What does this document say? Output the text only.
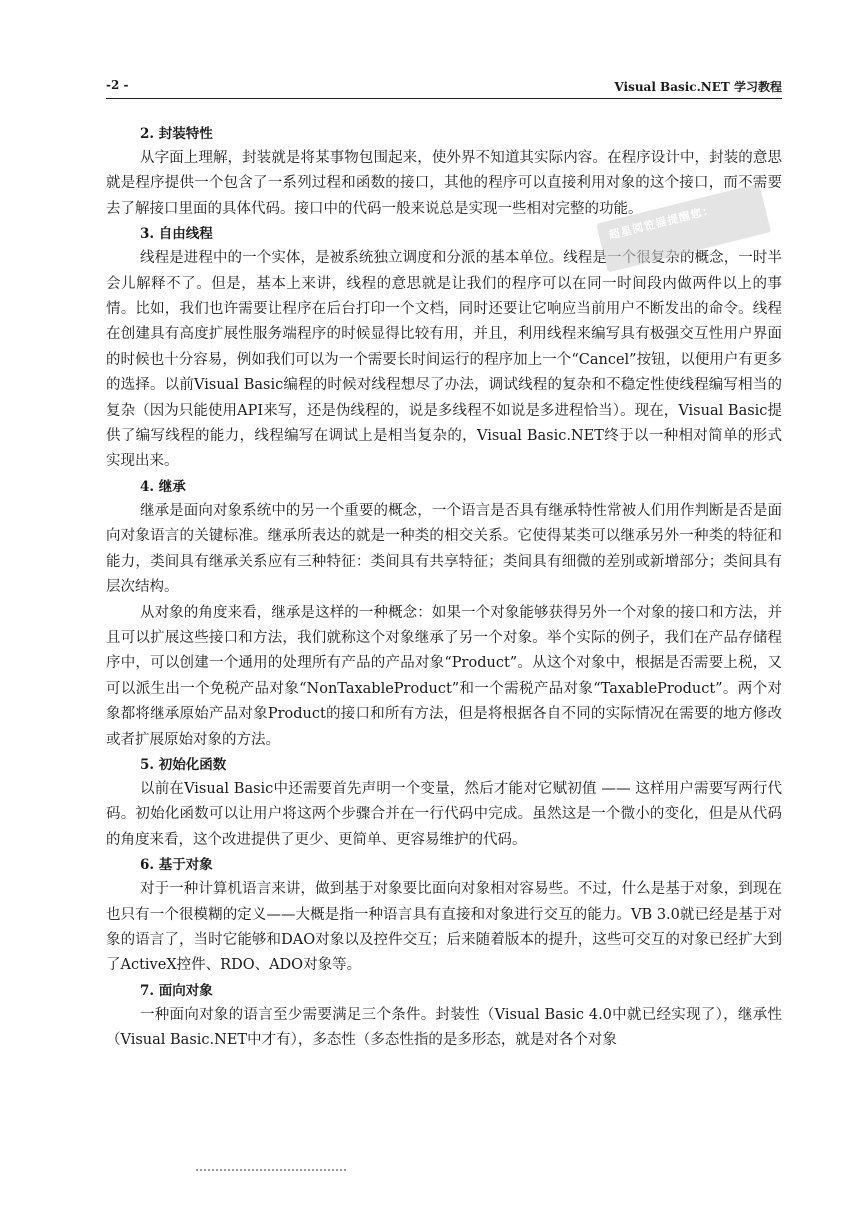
-2 -	Visual Basic.NET 学习教程
2. 封装特性

从字面上理解，封装就是将某事物包围起来，使外界不知道其实际内容。在程序设计中，封装的意思就是程序提供一个包含了一系列过程和函数的接口，其他的程序可以直接利用对象的这个接口，而不需要去了解接口里面的具体代码。接口中的代码一般来说总是实现一些相对完整的功能。

3. 自由线程

线程是进程中的一个实体，是被系统独立调度和分派的基本单位。线程是一个很复杂的概念，一时半会儿解释不了。但是，基本上来讲，线程的意思就是让我们的程序可以在同一时间段内做两件以上的事情。比如，我们也许需要让程序在后台打印一个文档，同时还要让它响应当前用户不断发出的命令。线程在创建具有高度扩展性服务端程序的时候显得比较有用，并且，利用线程来编写具有极强交互性用户界面的时候也十分容易，例如我们可以为一个需要长时间运行的程序加上一个“Cancel”按钮，以便用户有更多的选择。以前Visual Basic编程的时候对线程想尽了办法，调试线程的复杂和不稳定性使线程编写相当的复杂（因为只能使用API来写，还是伪线程的，说是多线程不如说是多进程恰当）。现在，Visual Basic提供了编写线程的能力，线程编写在调试上是相当复杂的，Visual Basic.NET终于以一种相对简单的形式实现出来。

4. 继承

继承是面向对象系统中的另一个重要的概念，一个语言是否具有继承特性常被人们用作判断是否是面向对象语言的关键标准。继承所表达的就是一种类的相交关系。它使得某类可以继承另外一种类的特征和能力，类间具有继承关系应有三种特征：类间具有共享特征；类间具有细微的差别或新增部分；类间具有层次结构。

从对象的角度来看，继承是这样的一种概念：如果一个对象能够获得另外一个对象的接口和方法，并且可以扩展这些接口和方法，我们就称这个对象继承了另一个对象。举个实际的例子，我们在产品存储程序中，可以创建一个通用的处理所有产品的产品对象“Product”。从这个对象中，根据是否需要上税，又可以派生出一个免税产品对象“NonTaxableProduct”和一个需税产品对象“TaxableProduct”。两个对象都将继承原始产品对象Product的接口和所有方法，但是将根据各自不同的实际情况在需要的地方修改或者扩展原始对象的方法。

5. 初始化函数

以前在Visual Basic中还需要首先声明一个变量，然后才能对它赋初值 —— 这样用户需要写两行代码。初始化函数可以让用户将这两个步骤合并在一行代码中完成。虽然这是一个微小的变化，但是从代码的角度来看，这个改进提供了更少、更简单、更容易维护的代码。

6. 基于对象

对于一种计算机语言来讲，做到基于对象要比面向对象相对容易些。不过，什么是基于对象，到现在也只有一个很模糊的定义——大概是指一种语言具有直接和对象进行交互的能力。VB 3.0就已经是基于对象的语言了，当时它能够和DAO对象以及控件交互；后来随着版本的提升，这些可交互的对象已经扩大到了ActiveX控件、RDO、ADO对象等。

7. 面向对象

一种面向对象的语言至少需要满足三个条件。封装性（Visual Basic 4.0中就已经实现了），继承性（Visual Basic.NET中才有），多态性（多态性指的是多形态，就是对各个对象

超星阅览器提醒您：
